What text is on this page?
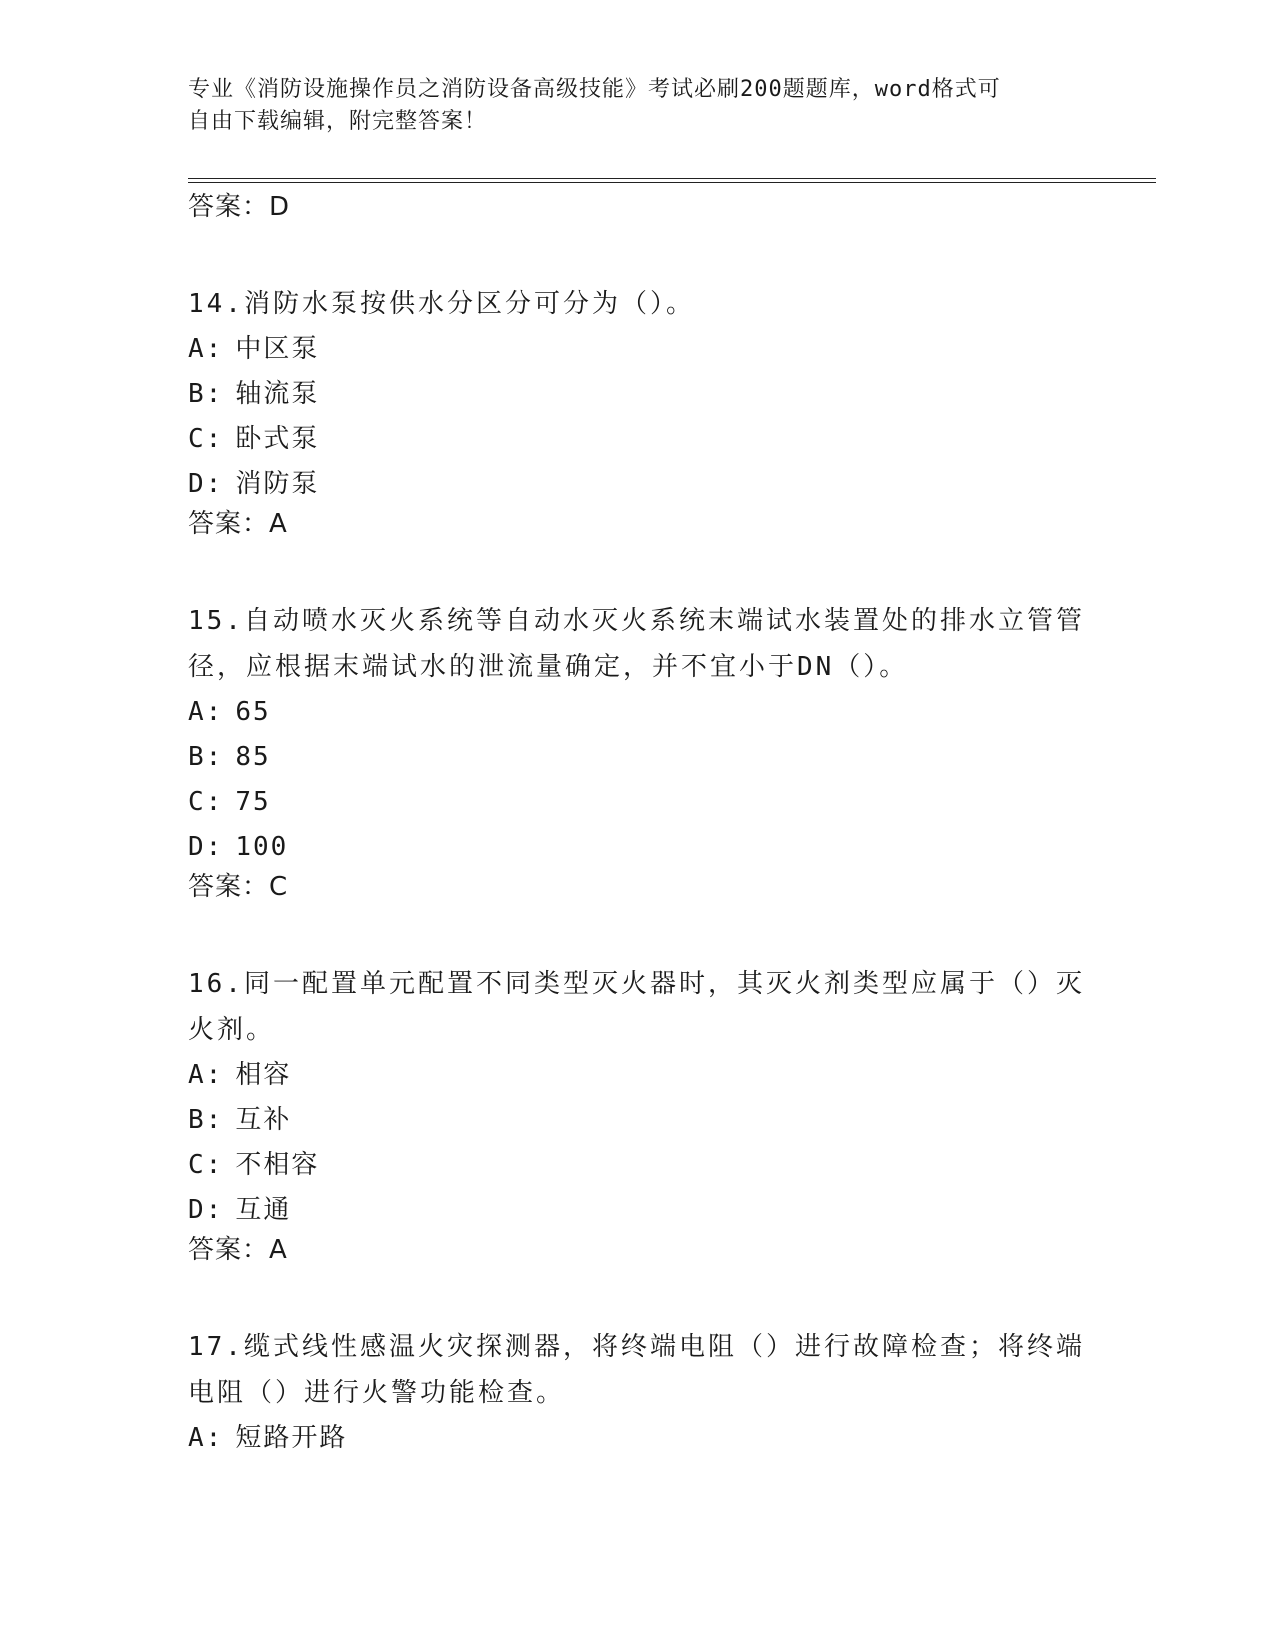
专业《消防设施操作员之消防设备高级技能》考试必刷200题题库，word格式可
自由下载编辑，附完整答案！
答案：D
14.消防水泵按供水分区分可分为（）。
A: 中区泵
B: 轴流泵
C: 卧式泵
D: 消防泵
答案：A
15.自动喷水灭火系统等自动水灭火系统末端试水装置处的排水立管管径，应根据末端试水的泄流量确定，并不宜小于DN（）。
A: 65
B: 85
C: 75
D: 100
答案：C
16.同一配置单元配置不同类型灭火器时，其灭火剂类型应属于（）灭火剂。
A: 相容
B: 互补
C: 不相容
D: 互通
答案：A
17.缆式线性感温火灾探测器，将终端电阻（）进行故障检查；将终端电阻（）进行火警功能检查。
A: 短路开路
